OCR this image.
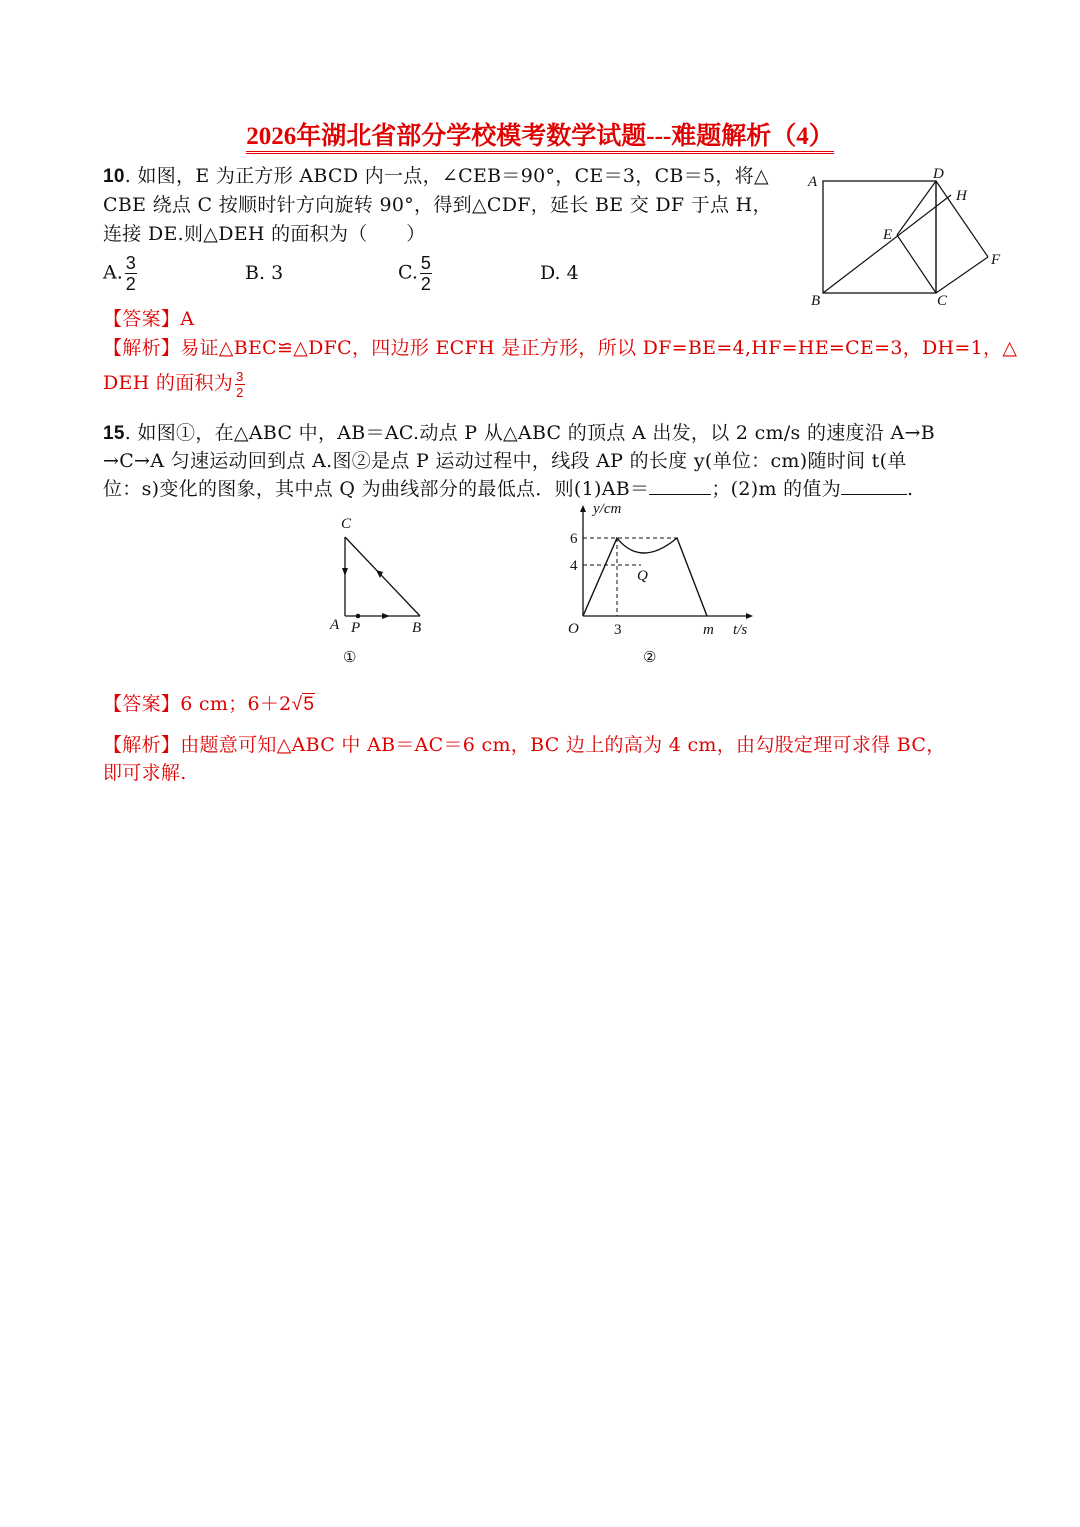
2026年湖北省部分学校模考数学试题---难题解析（4）
10. 如图，E 为正方形 ABCD 内一点，∠CEB＝90°，CE＝3，CB＝5，将△
CBE 绕点 C 按顺时针方向旋转 90°，得到△CDF，延长 BE 交 DF 于点 H，
连接 DE.则△DEH 的面积为（　　）
A. $\frac{3}{2}$	B. 3	C. $\frac{5}{2}$	D. 4
A	D
H
E
F
B	C
【答案】A
【解析】易证△BEC≌△DFC，四边形 ECFH 是正方形，所以 DF=BE=4,HF=HE=CE=3，DH=1，△
DEH 的面积为 $\frac{3}{2}$
15. 如图①，在△ABC 中，AB＝AC.动点 P 从△ABC 的顶点 A 出发，以 2 cm/s 的速度沿 A→B
→C→A 匀速运动回到点 A.图②是点 P 运动过程中，线段 AP 的长度 y(单位：cm)随时间 t(单
位：s)变化的图象，其中点 Q 为曲线部分的最低点．则(1)AB＝	；(2)m 的值为	.
C
A P	B
①
y/cm
6
4
Q
O 3	m t/s
②
【答案】6 cm；6＋2√5
【解析】由题意可知△ABC 中 AB＝AC＝6 cm，BC 边上的高为 4 cm，由勾股定理可求得 BC，
即可求解.
